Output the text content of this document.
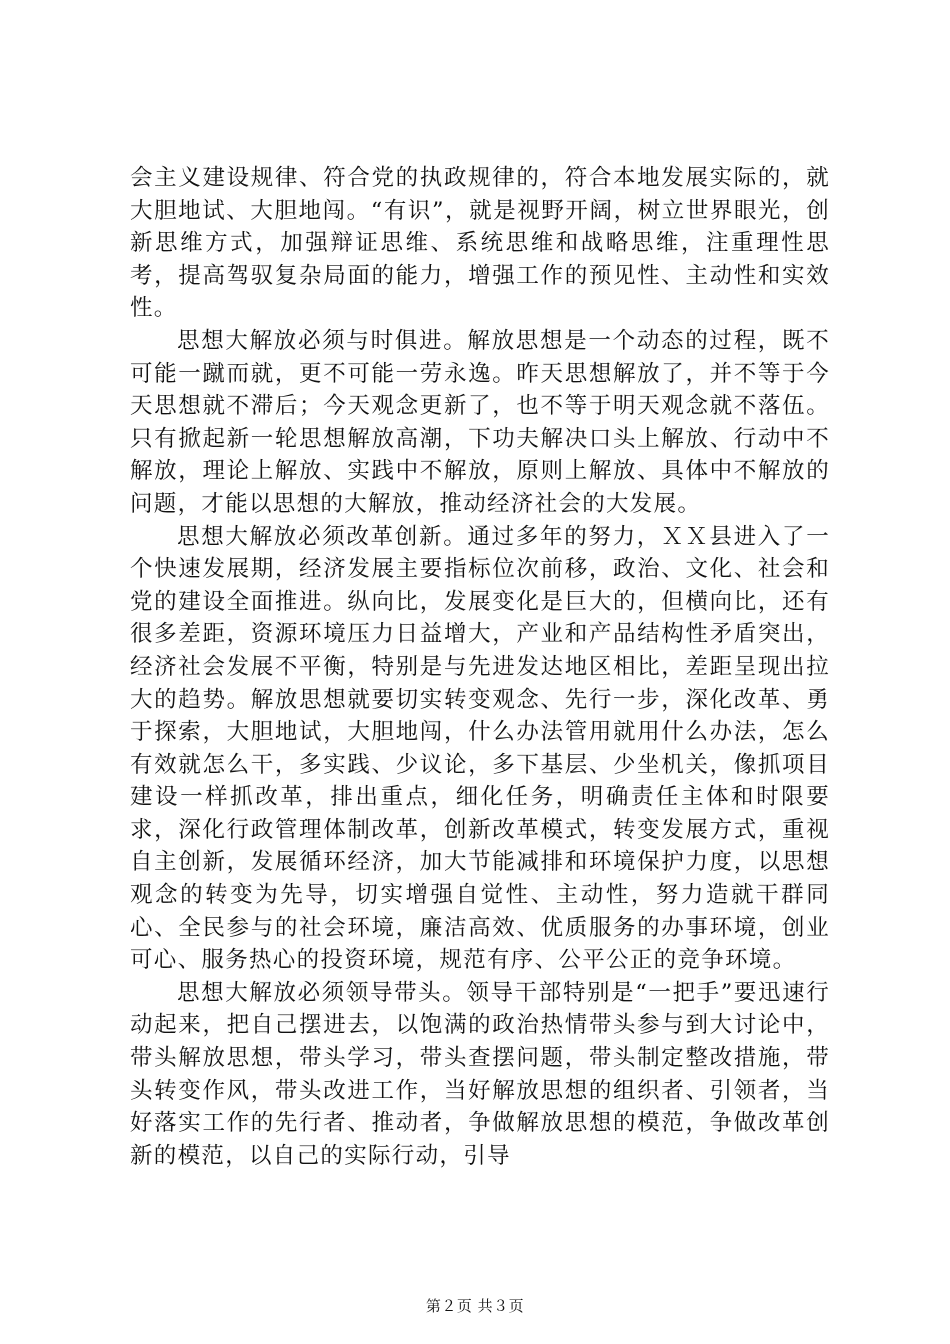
会主义建设规律、符合党的执政规律的，符合本地发展实际的，就大胆地试、大胆地闯。“有识”，就是视野开阔，树立世界眼光，创新思维方式，加强辩证思维、系统思维和战略思维，注重理性思考，提高驾驭复杂局面的能力，增强工作的预见性、主动性和实效性。

思想大解放必须与时俱进。解放思想是一个动态的过程，既不可能一蹴而就，更不可能一劳永逸。昨天思想解放了，并不等于今天思想就不滞后；今天观念更新了，也不等于明天观念就不落伍。只有掀起新一轮思想解放高潮，下功夫解决口头上解放、行动中不解放，理论上解放、实践中不解放，原则上解放、具体中不解放的问题，才能以思想的大解放，推动经济社会的大发展。

思想大解放必须改革创新。通过多年的努力，ＸＸ县进入了一个快速发展期，经济发展主要指标位次前移，政治、文化、社会和党的建设全面推进。纵向比，发展变化是巨大的，但横向比，还有很多差距，资源环境压力日益增大，产业和产品结构性矛盾突出，经济社会发展不平衡，特别是与先进发达地区相比，差距呈现出拉大的趋势。解放思想就要切实转变观念、先行一步，深化改革、勇于探索，大胆地试，大胆地闯，什么办法管用就用什么办法，怎么有效就怎么干，多实践、少议论，多下基层、少坐机关，像抓项目建设一样抓改革，排出重点，细化任务，明确责任主体和时限要求，深化行政管理体制改革，创新改革模式，转变发展方式，重视自主创新，发展循环经济，加大节能减排和环境保护力度，以思想观念的转变为先导，切实增强自觉性、主动性，努力造就干群同心、全民参与的社会环境，廉洁高效、优质服务的办事环境，创业可心、服务热心的投资环境，规范有序、公平公正的竞争环境。

思想大解放必须领导带头。领导干部特别是“一把手”要迅速行动起来，把自己摆进去，以饱满的政治热情带头参与到大讨论中，带头解放思想，带头学习，带头查摆问题，带头制定整改措施，带头转变作风，带头改进工作，当好解放思想的组织者、引领者，当好落实工作的先行者、推动者，争做解放思想的模范，争做改革创新的模范，以自己的实际行动，引导

第２页 共３页
